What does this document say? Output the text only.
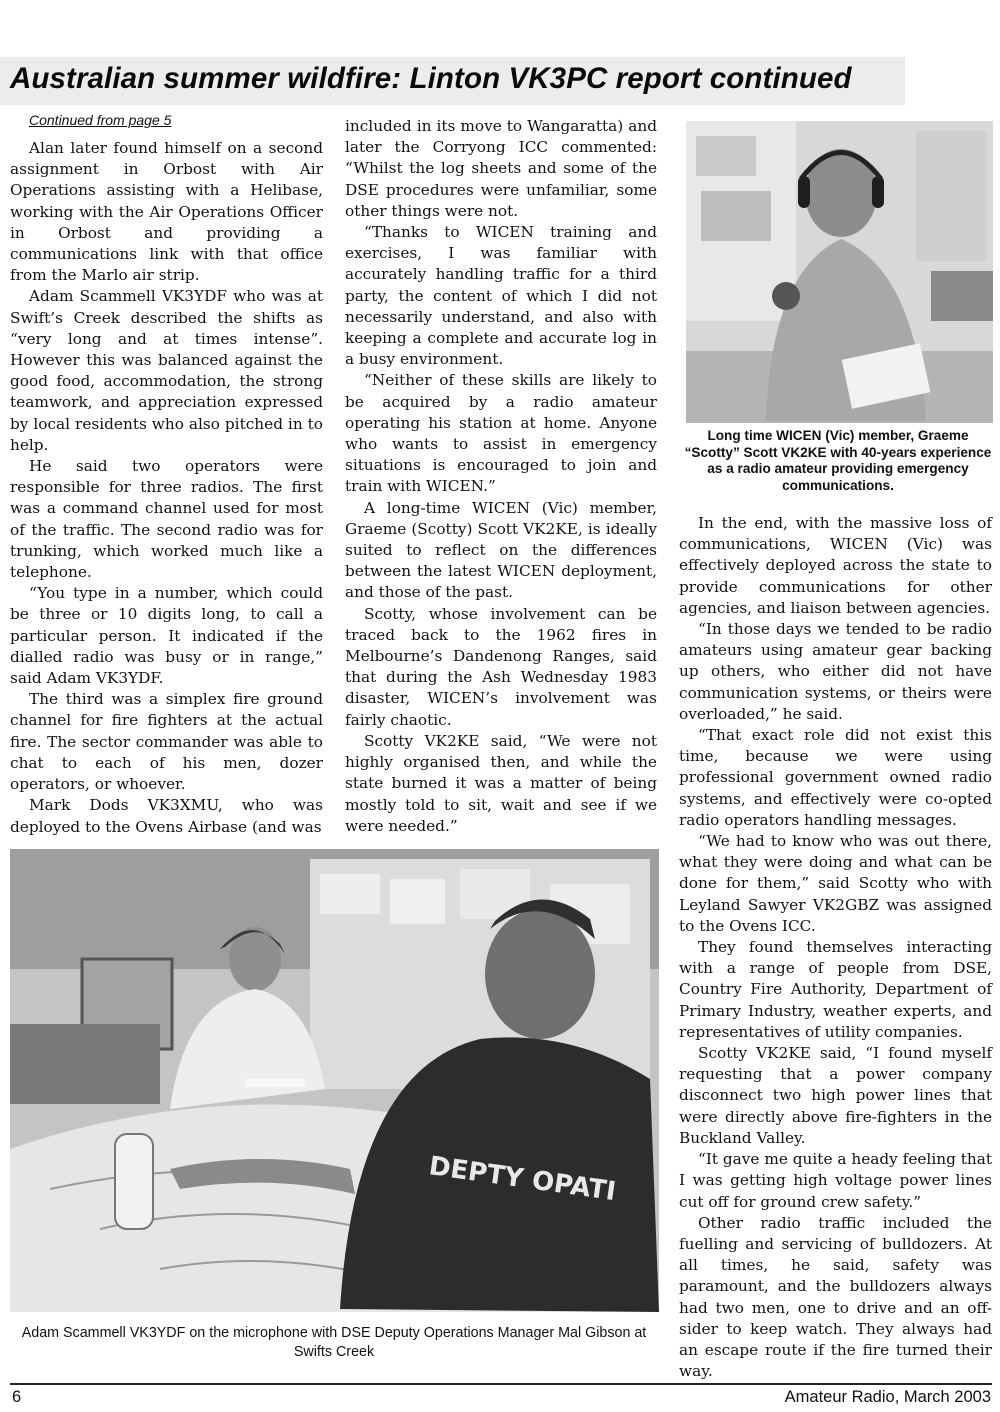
Australian summer wildfire: Linton VK3PC report continued
Continued from page 5

Alan later found himself on a second assignment in Orbost with Air Operations assisting with a Helibase, working with the Air Operations Officer in Orbost and providing a communications link with that office from the Marlo air strip.

Adam Scammell VK3YDF who was at Swift’s Creek described the shifts as “very long and at times intense”. However this was balanced against the good food, accommodation, the strong teamwork, and appreciation expressed by local residents who also pitched in to help.

He said two operators were responsible for three radios. The first was a command channel used for most of the traffic. The second radio was for trunking, which worked much like a telephone.

“You type in a number, which could be three or 10 digits long, to call a particular person. It indicated if the dialled radio was busy or in range,” said Adam VK3YDF.

The third was a simplex fire ground channel for fire fighters at the actual fire. The sector commander was able to chat to each of his men, dozer operators, or whoever.

Mark Dods VK3XMU, who was deployed to the Ovens Airbase (and was

included in its move to Wangaratta) and later the Corryong ICC commented: “Whilst the log sheets and some of the DSE procedures were unfamiliar, some other things were not.

“Thanks to WICEN training and exercises, I was familiar with accurately handling traffic for a third party, the content of which I did not necessarily understand, and also with keeping a complete and accurate log in a busy environment.

“Neither of these skills are likely to be acquired by a radio amateur operating his station at home. Anyone who wants to assist in emergency situations is encouraged to join and train with WICEN.”

A long-time WICEN (Vic) member, Graeme (Scotty) Scott VK2KE, is ideally suited to reflect on the differences between the latest WICEN deployment, and those of the past.

Scotty, whose involvement can be traced back to the 1962 fires in Melbourne’s Dandenong Ranges, said that during the Ash Wednesday 1983 disaster, WICEN’s involvement was fairly chaotic.

Scotty VK2KE said, “We were not highly organised then, and while the state burned it was a matter of being mostly told to sit, wait and see if we were needed.”

Long time WICEN (Vic) member, Graeme “Scotty” Scott VK2KE with 40-years experience as a radio amateur providing emergency communications.

In the end, with the massive loss of communications, WICEN (Vic) was effectively deployed across the state to provide communications for other agencies, and liaison between agencies.

“In those days we tended to be radio amateurs using amateur gear backing up others, who either did not have communication systems, or theirs were overloaded,” he said.

“That exact role did not exist this time, because we were using professional government owned radio systems, and effectively were co-opted radio operators handling messages.

“We had to know who was out there, what they were doing and what can be done for them,” said Scotty who with Leyland Sawyer VK2GBZ was assigned to the Ovens ICC.

They found themselves interacting with a range of people from DSE, Country Fire Authority, Department of Primary Industry, weather experts, and representatives of utility companies.

Scotty VK2KE said, “I found myself requesting that a power company disconnect two high power lines that were directly above fire-fighters in the Buckland Valley.

“It gave me quite a heady feeling that I was getting high voltage power lines cut off for ground crew safety.”

Other radio traffic included the fuelling and servicing of bulldozers. At all times, he said, safety was paramount, and the bulldozers always had two men, one to drive and an off-sider to keep watch. They always had an escape route if the fire turned their way.

DEPTY OPATI
Adam Scammell VK3YDF on the microphone with DSE Deputy Operations Manager Mal Gibson at Swifts Creek
6	Amateur Radio, March 2003
